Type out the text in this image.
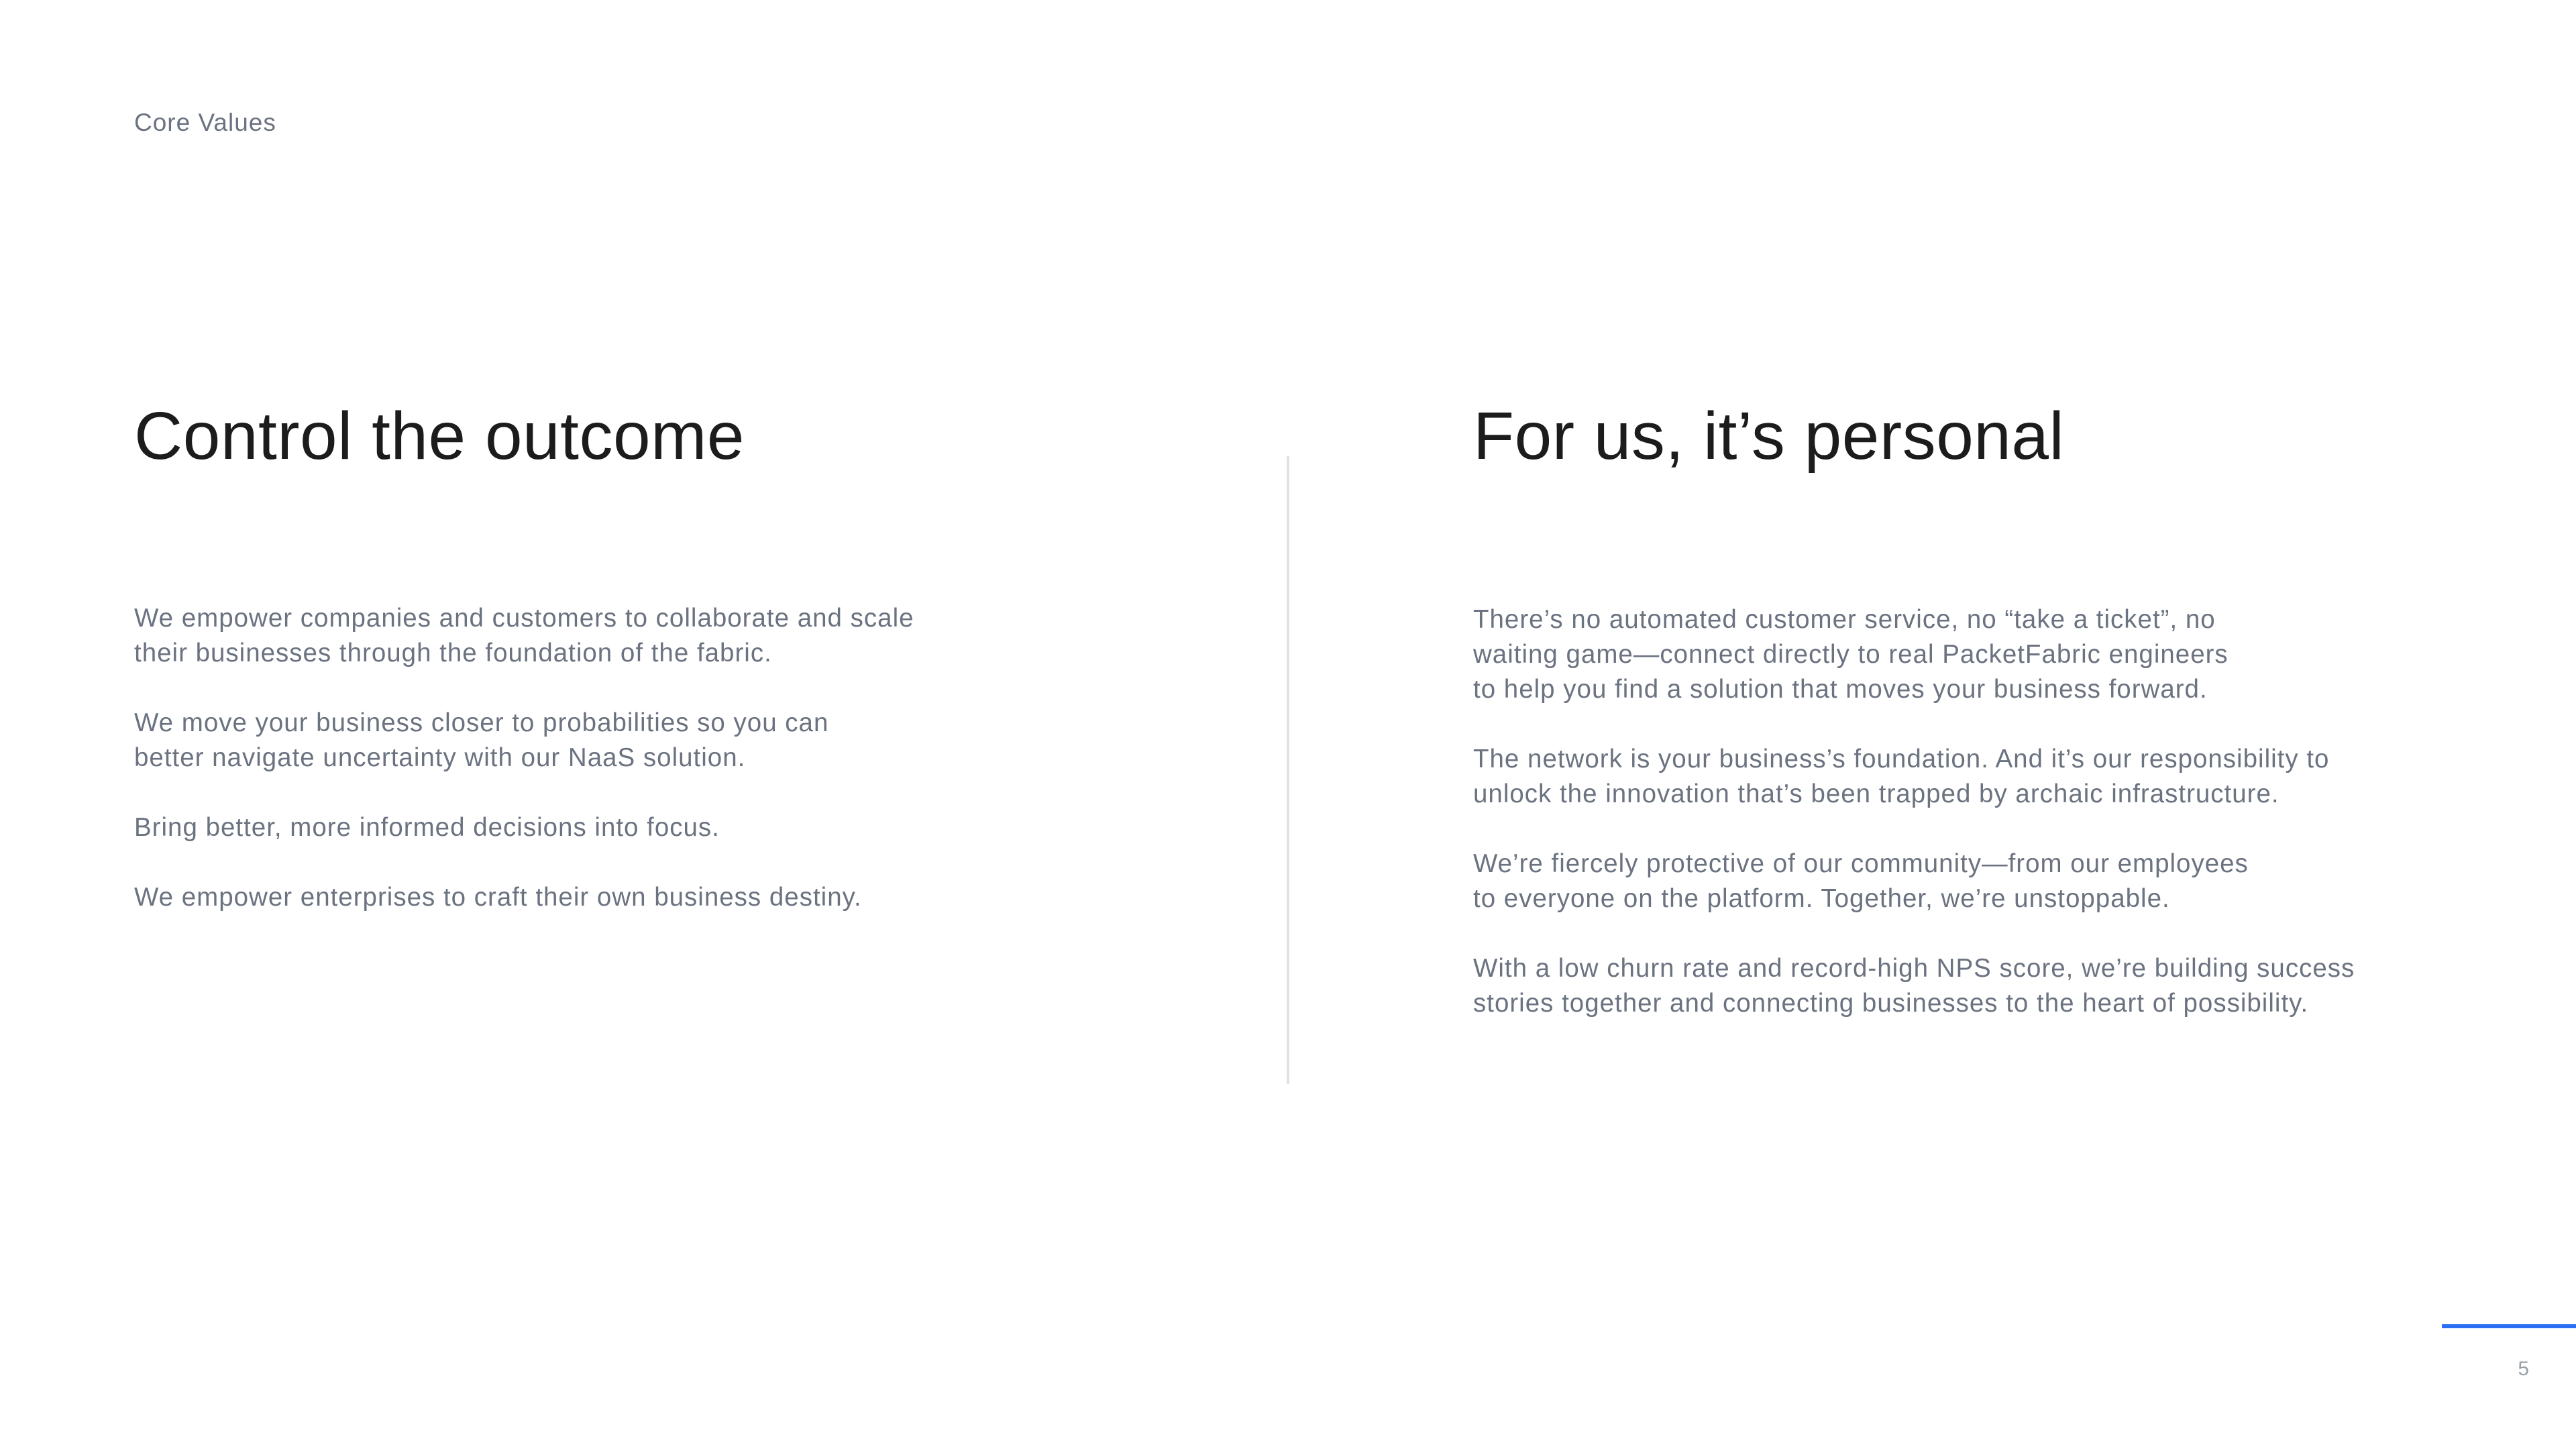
Core Values
Control the outcome

We empower companies and customers to collaborate and scale
their businesses through the foundation of the fabric.

We move your business closer to probabilities so you can
better navigate uncertainty with our NaaS solution.

Bring better, more informed decisions into focus.

We empower enterprises to craft their own business destiny.

For us, it’s personal

There’s no automated customer service, no “take a ticket”, no
waiting game—connect directly to real PacketFabric engineers
to help you find a solution that moves your business forward.

The network is your business’s foundation. And it’s our responsibility to
unlock the innovation that’s been trapped by archaic infrastructure.

We’re fiercely protective of our community—from our employees
to everyone on the platform. Together, we’re unstoppable.

With a low churn rate and record-high NPS score, we’re building success
stories together and connecting businesses to the heart of possibility.

5
